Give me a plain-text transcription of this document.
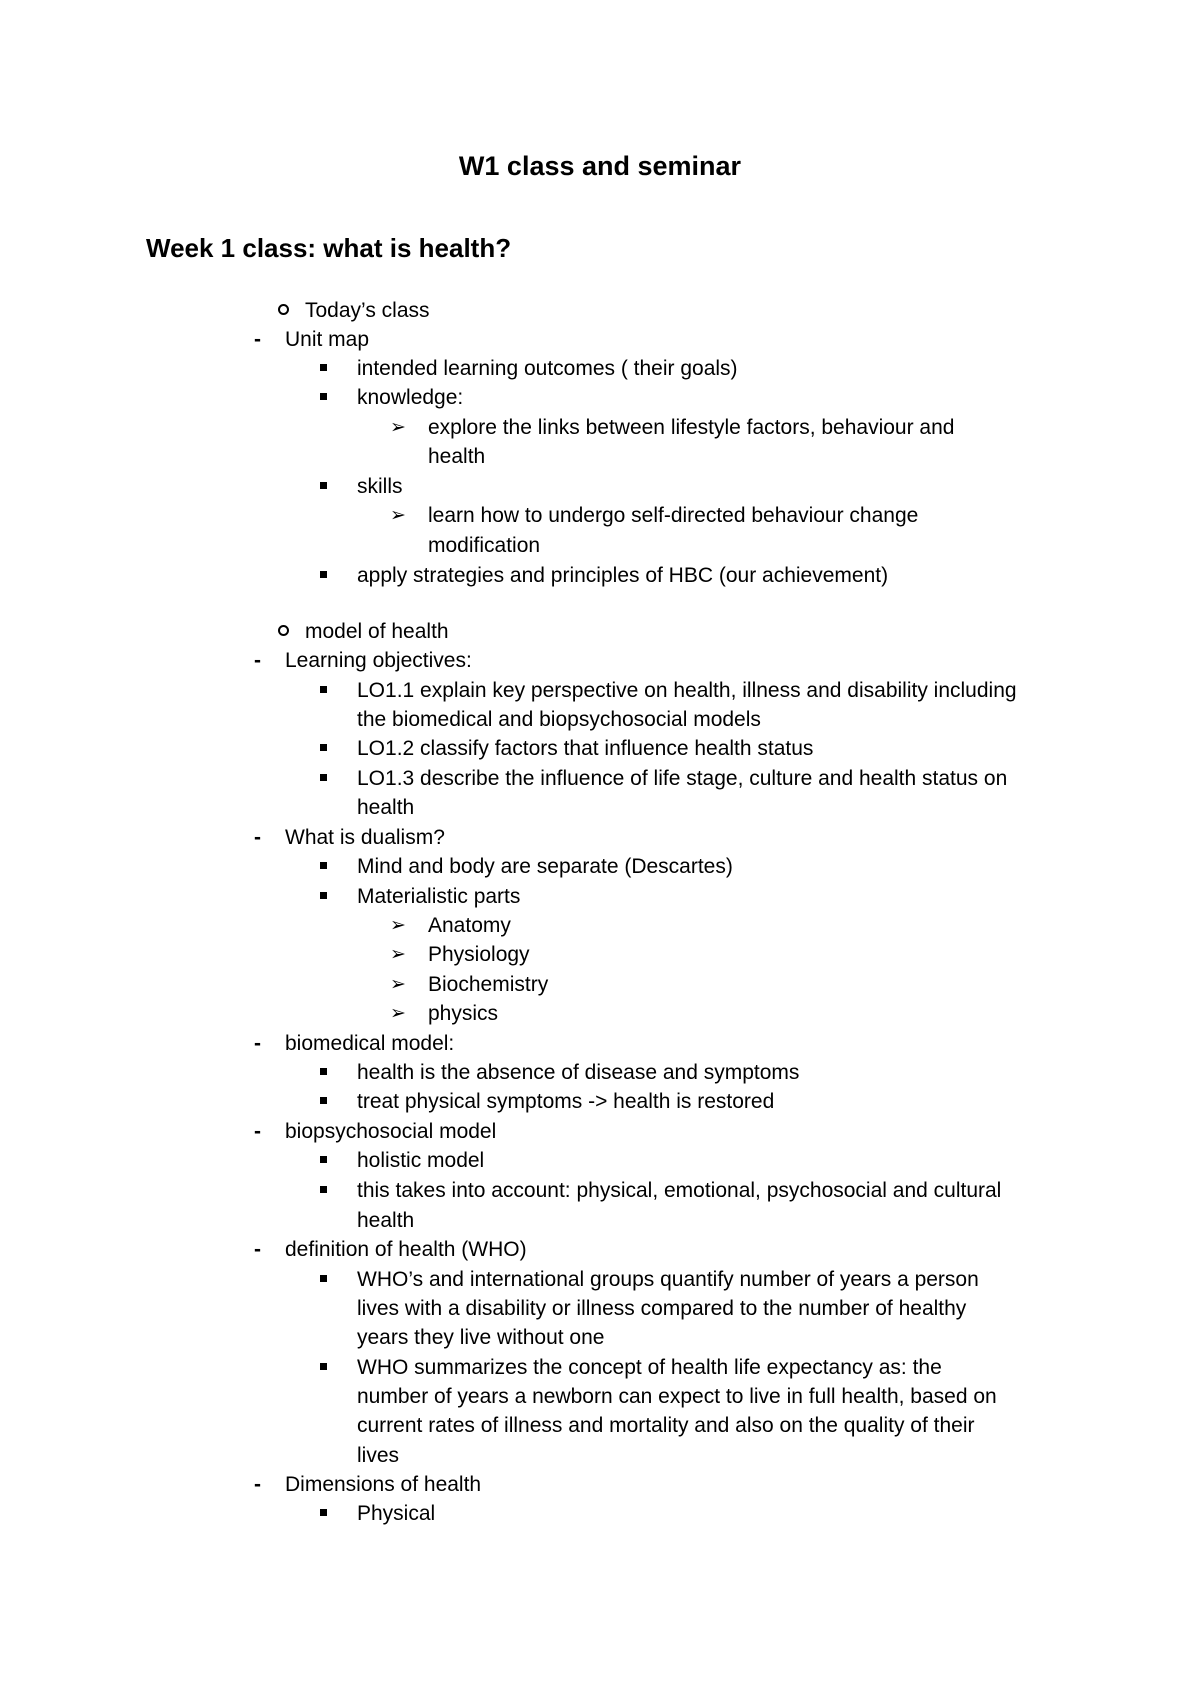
W1 class and seminar
Week 1 class: what is health?
Today’s class
- Unit map
intended learning outcomes ( their goals)
knowledge:
➢ explore the links between lifestyle factors, behaviour and
health
skills
➢ learn how to undergo self-directed behaviour change
modification
apply strategies and principles of HBC (our achievement)
model of health
- Learning objectives:
LO1.1 explain key perspective on health, illness and disability including
the biomedical and biopsychosocial models
LO1.2 classify factors that influence health status
LO1.3 describe the influence of life stage, culture and health status on
health
- What is dualism?
Mind and body are separate (Descartes)
Materialistic parts
➢ Anatomy
➢ Physiology
➢ Biochemistry
➢ physics
- biomedical model:
health is the absence of disease and symptoms
treat physical symptoms -> health is restored
- biopsychosocial model
holistic model
this takes into account: physical, emotional, psychosocial and cultural
health
- definition of health (WHO)
WHO’s and international groups quantify number of years a person
lives with a disability or illness compared to the number of healthy
years they live without one
WHO summarizes the concept of health life expectancy as: the
number of years a newborn can expect to live in full health, based on
current rates of illness and mortality and also on the quality of their
lives
- Dimensions of health
Physical
